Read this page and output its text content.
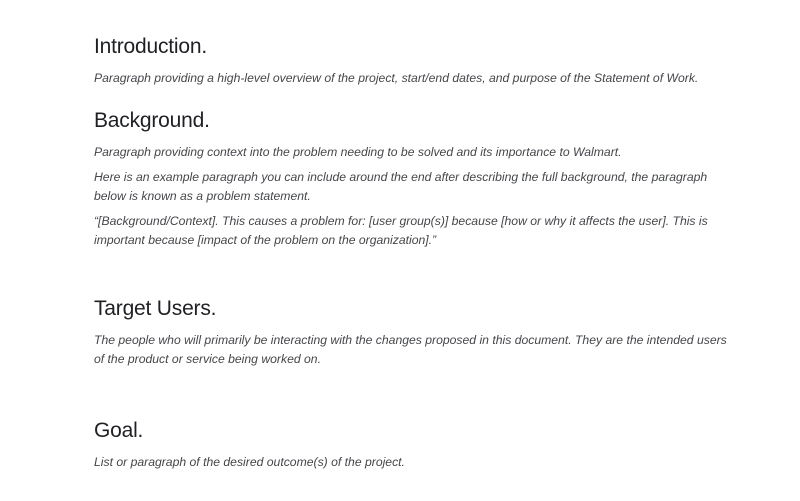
Introduction.

Paragraph providing a high-level overview of the project, start/end dates, and purpose of the Statement of Work.

Background.

Paragraph providing context into the problem needing to be solved and its importance to Walmart.

Here is an example paragraph you can include around the end after describing the full background, the paragraph below is known as a problem statement.

“[Background/Context]. This causes a problem for: [user group(s)] because [how or why it affects the user]. This is important because [impact of the problem on the organization].”

Target Users.

The people who will primarily be interacting with the changes proposed in this document. They are the intended users of the product or service being worked on.

Goal.

List or paragraph of the desired outcome(s) of the project.
